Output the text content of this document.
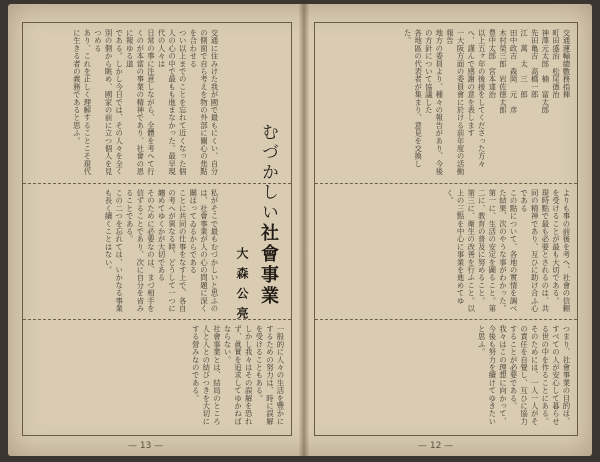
交通に住みけた我が國で最もにくい、自分の側面で自ら考えを物の外部に關心の焦點を合わせる
つい以上までのことを忘れて近くなった個人の心の中で最もも進まなかった。最早現代の人々は
日常の事に注意しながら、全體を考へて行くのが本當の事業の精神であり、社會の恩に報ゆる道
である。しかし今日では、その人々を全く別の側から眺め、國家の前に立つ個人を見つめる
あり、これを正しく理解することこそ現代に生きる者の義務であると思ふ。
むづかしい社會事業
大森公亮
私がそこで最もむづかしいと思ふのは、社會事業が人の心の問題に深く關はってゐるからである
ことに共同の仕事をなす上で、各自の考へが異なる時、どうして一つに纏めてゆくかが大切である
そのために必要なのは、まづ相手を信ずることであり、次に自分を省みることである。
この二つを忘れては、いかなる事業も長く續くことはない。
一般的に人々の生活を豐かにするための努力は、時に誤解を受けることもある。
しかし我々はその誤解を恐れず、眞實を追求してゆかねばならない。
社會事業とは、結局のところ人と人との結びつきを大切にする營みなのである。
交通運輸總數務指揮
町田盛治　松尾德治
神澤元太郎　楠　富太郎
先田亀吉　高橋一郎
江　萬　太　三　郎
田中政吉　森岡　元　彦
木村榮三郎　岩佐徳太郎
豊中太郎　宮本達治
以上五ヶ年の後援をしてくださった方々へ、謹んで感謝の意を表します
一大阪方面の委員會に於ける前年度の活動報告
地方の委員より、種々の報告があり、今後の方針について協議した
各地區の代表者が集まり、意見を交換した。
よりも事の前後を考へ、社會の信頼を受けることが最も大切である。
現時點で最も必要とされるのは、共同の精神であり、互ひに助け合ふ心である
この點について、各地の實情を調べた結果、次のやうな事がわかった。
第一に、生活の安定を圖ること。第二に、教育の普及に努めること。
第三に、衛生の改善を行ふこと。以上の三點を中心に事業を進めてゆく。
つまり、社會事業の目的は、すべての人が安心して暮らせる世の中を作ることにある。
そのためには、一人一人がその責任を自覺し、互ひに協力することが必要である。
我々はこの理想に向かって、今後も努力を續けてゆきたいと思ふ。
— 13 —	— 12 —
